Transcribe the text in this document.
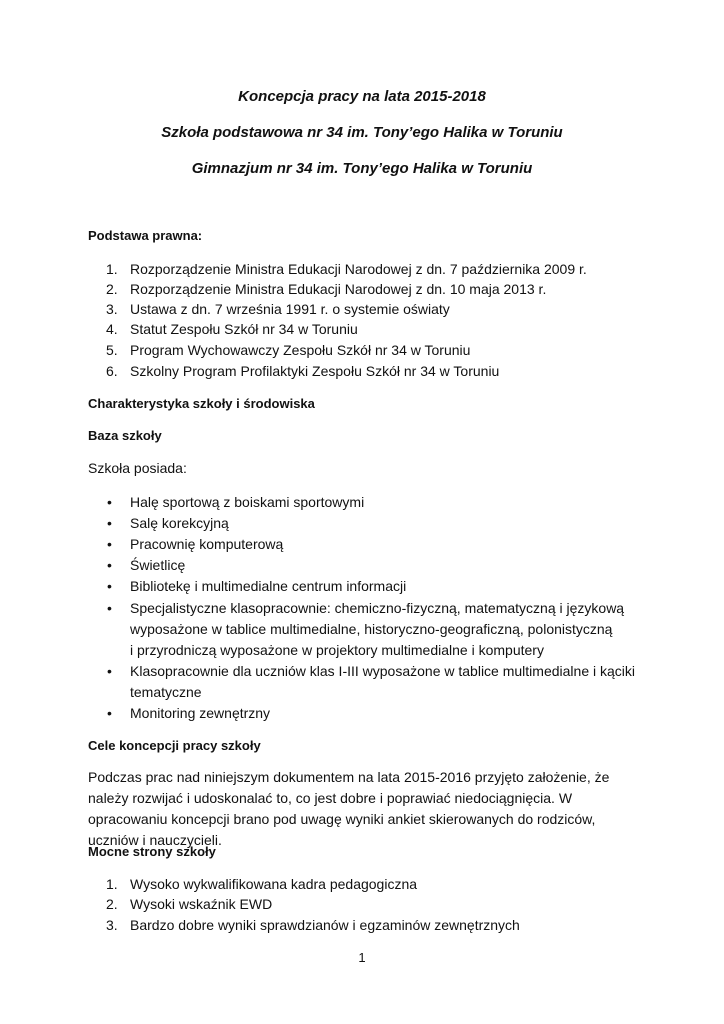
Koncepcja pracy na lata 2015-2018
Szkoła podstawowa nr 34 im. Tony’ego Halika w Toruniu
Gimnazjum nr 34 im. Tony’ego Halika w Toruniu
Podstawa prawna:
1. Rozporządzenie Ministra Edukacji Narodowej z dn. 7 października 2009 r.
2. Rozporządzenie Ministra Edukacji Narodowej z dn. 10 maja 2013 r.
3. Ustawa z dn. 7 września 1991 r. o systemie oświaty
4. Statut Zespołu Szkół nr 34 w Toruniu
5. Program Wychowawczy Zespołu Szkół nr 34 w Toruniu
6. Szkolny Program Profilaktyki Zespołu Szkół nr 34 w Toruniu
Charakterystyka szkoły i środowiska
Baza szkoły
Szkoła posiada:
• Halę sportową z boiskami sportowymi
• Salę korekcyjną
• Pracownię komputerową
• Świetlicę
• Bibliotekę i multimedialne centrum informacji
• Specjalistyczne klasopracownie: chemiczno-fizyczną, matematyczną i językową
wyposażone w tablice multimedialne, historyczno-geograficzną, polonistyczną
i przyrodniczą wyposażone w projektory multimedialne i komputery
• Klasopracownie dla uczniów klas I-III wyposażone w tablice multimedialne i kąciki
tematyczne
• Monitoring zewnętrzny
Cele koncepcji pracy szkoły
Podczas prac nad niniejszym dokumentem na lata 2015-2016 przyjęto założenie, że należy rozwijać i udoskonalać to, co jest dobre i poprawiać niedociągnięcia. W opracowaniu koncepcji brano pod uwagę wyniki ankiet skierowanych do rodziców, uczniów i nauczycieli.
Mocne strony szkoły
1. Wysoko wykwalifikowana kadra pedagogiczna
2. Wysoki wskaźnik EWD
3. Bardzo dobre wyniki sprawdzianów i egzaminów zewnętrznych
1
